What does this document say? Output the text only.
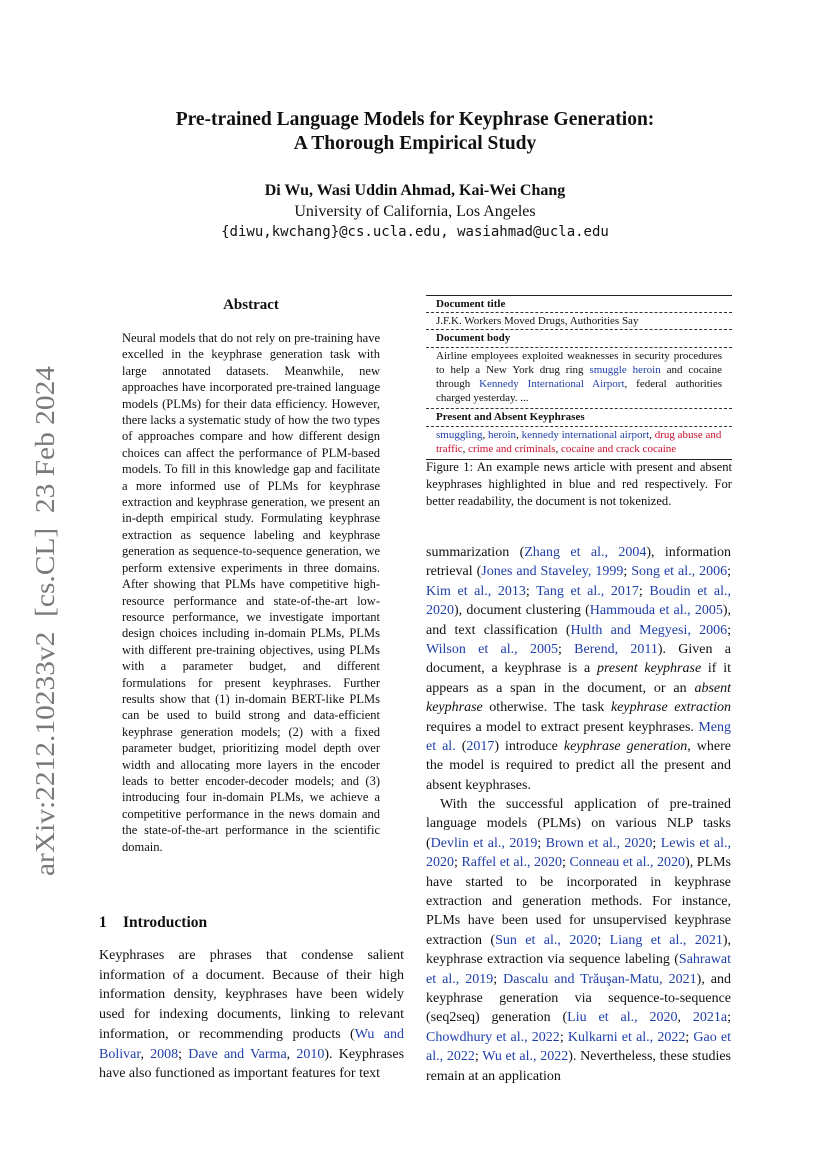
arXiv:2212.10233v2  [cs.CL]  23 Feb 2024
Pre-trained Language Models for Keyphrase Generation:
A Thorough Empirical Study
Di Wu, Wasi Uddin Ahmad, Kai-Wei Chang
University of California, Los Angeles
{diwu,kwchang}@cs.ucla.edu, wasiahmad@ucla.edu
Abstract

Neural models that do not rely on pre-training have excelled in the keyphrase generation task with large annotated datasets. Meanwhile, new approaches have incorporated pre-trained language models (PLMs) for their data efficiency. However, there lacks a systematic study of how the two types of approaches compare and how different design choices can affect the performance of PLM-based models. To fill in this knowledge gap and facilitate a more informed use of PLMs for keyphrase extraction and keyphrase generation, we present an in-depth empirical study. Formulating keyphrase extraction as sequence labeling and keyphrase generation as sequence-to-sequence generation, we perform extensive experiments in three domains. After showing that PLMs have competitive high-resource performance and state-of-the-art low-resource performance, we investigate important design choices including in-domain PLMs, PLMs with different pre-training objectives, using PLMs with a parameter budget, and different formulations for present keyphrases. Further results show that (1) in-domain BERT-like PLMs can be used to build strong and data-efficient keyphrase generation models; (2) with a fixed parameter budget, prioritizing model depth over width and allocating more layers in the encoder leads to better encoder-decoder models; and (3) introducing four in-domain PLMs, we achieve a competitive performance in the news domain and the state-of-the-art performance in the scientific domain.

1 Introduction

Keyphrases are phrases that condense salient information of a document. Because of their high information density, keyphrases have been widely used for indexing documents, linking to relevant information, or recommending products (Wu and Bolivar, 2008; Dave and Varma, 2010). Keyphrases have also functioned as important features for text

Document title
J.F.K. Workers Moved Drugs, Authorities Say
Document body
Airline employees exploited weaknesses in security procedures to help a New York drug ring smuggle heroin and cocaine through Kennedy International Airport, federal authorities charged yesterday. ...
Present and Absent Keyphrases
smuggling, heroin, kennedy international airport, drug abuse and traffic, crime and criminals, cocaine and crack cocaine

Figure 1: An example news article with present and absent keyphrases highlighted in blue and red respectively. For better readability, the document is not tokenized.

summarization (Zhang et al., 2004), information retrieval (Jones and Staveley, 1999; Song et al., 2006; Kim et al., 2013; Tang et al., 2017; Boudin et al., 2020), document clustering (Hammouda et al., 2005), and text classification (Hulth and Megyesi, 2006; Wilson et al., 2005; Berend, 2011). Given a document, a keyphrase is a present keyphrase if it appears as a span in the document, or an absent keyphrase otherwise. The task keyphrase extraction requires a model to extract present keyphrases. Meng et al. (2017) introduce keyphrase generation, where the model is required to predict all the present and absent keyphrases.

With the successful application of pre-trained language models (PLMs) on various NLP tasks (Devlin et al., 2019; Brown et al., 2020; Lewis et al., 2020; Raffel et al., 2020; Conneau et al., 2020), PLMs have started to be incorporated in keyphrase extraction and generation methods. For instance, PLMs have been used for unsupervised keyphrase extraction (Sun et al., 2020; Liang et al., 2021), keyphrase extraction via sequence labeling (Sahrawat et al., 2019; Dascalu and Trăuşan-Matu, 2021), and keyphrase generation via sequence-to-sequence (seq2seq) generation (Liu et al., 2020, 2021a; Chowdhury et al., 2022; Kulkarni et al., 2022; Gao et al., 2022; Wu et al., 2022). Nevertheless, these studies remain at an application
